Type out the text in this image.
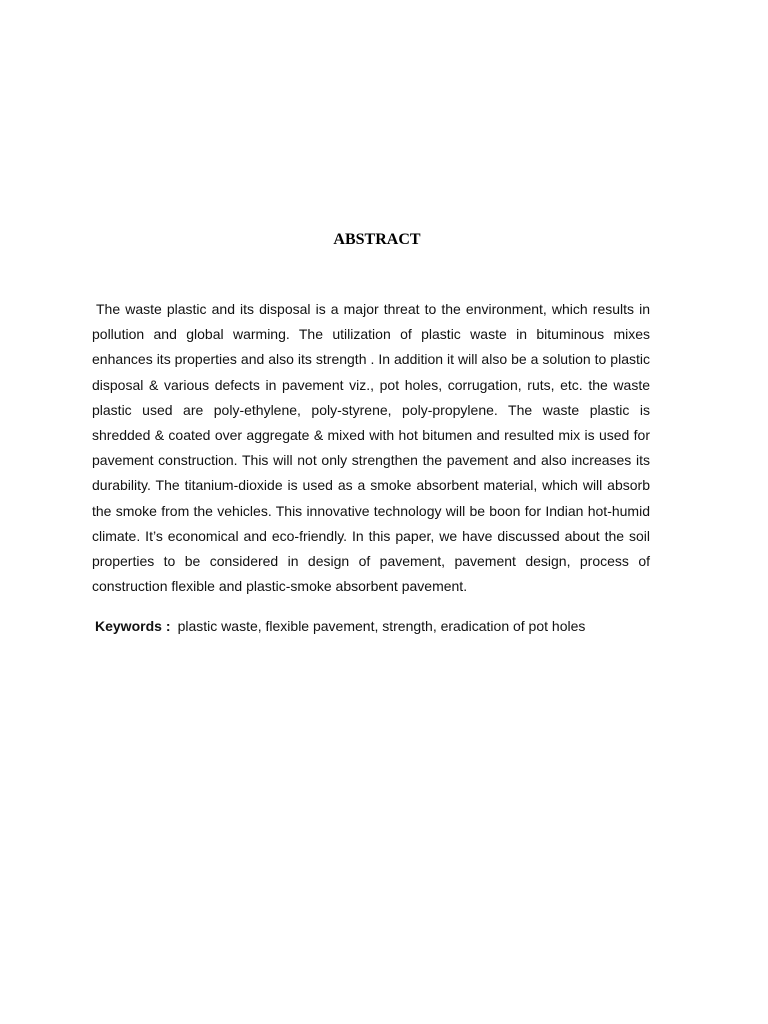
ABSTRACT

The waste plastic and its disposal is a major threat to the environment, which results in pollution and global warming. The utilization of plastic waste in bituminous mixes enhances its properties and also its strength . In addition it will also be a solution to plastic disposal & various defects in pavement viz., pot holes, corrugation, ruts, etc. the waste plastic used are poly-ethylene, poly-styrene, poly-propylene. The waste plastic is shredded & coated over aggregate & mixed with hot bitumen and resulted mix is used for pavement construction. This will not only strengthen the pavement and also increases its durability. The titanium-dioxide is used as a smoke absorbent material, which will absorb the smoke from the vehicles. This innovative technology will be boon for Indian hot-humid climate. It’s economical and eco-friendly. In this paper, we have discussed about the soil properties to be considered in design of pavement, pavement design, process of construction flexible and plastic-smoke absorbent pavement.

Keywords : plastic waste, flexible pavement, strength, eradication of pot holes
